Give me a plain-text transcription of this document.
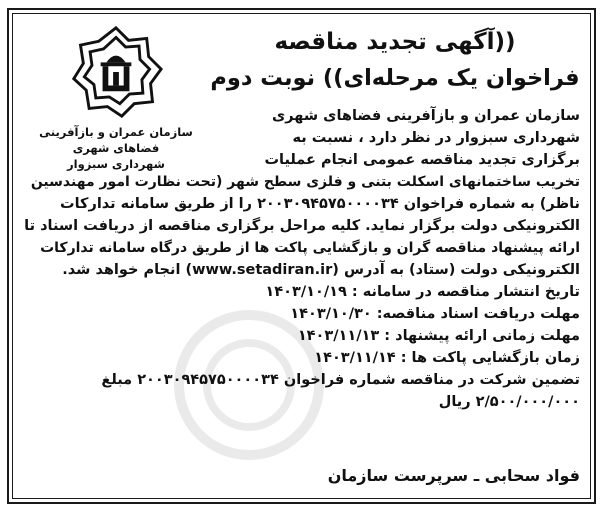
سازمان عمران و بازآفرینی فضاهای شهری
شهرداری سبزوار
((آگهی تجدید مناقصه
فراخوان یک مرحله‌ای)) نوبت دوم
سازمان عمران و بازآفرینی فضاهای شهری
شهرداری سبزوار در نظر دارد ، نسبت به
برگزاری تجدید مناقصه عمومی انجام عملیات
تخریب ساختمانهای اسکلت بتنی و فلزی سطح شهر (تحت نظارت امور مهندسین
ناظر) به شماره فراخوان ۲۰۰۳۰۹۴۵۷۵۰۰۰۰۳۴ را از طریق سامانه تدارکات
الکترونیکی دولت برگزار نماید. کلیه مراحل برگزاری مناقصه از دریافت اسناد تا
ارائه پیشنهاد مناقصه گران و بازگشایی پاکت ها از طریق درگاه سامانه تدارکات
الکترونیکی دولت (ستاد) به آدرس (www.setadiran.ir) انجام خواهد شد.
تاریخ انتشار مناقصه در سامانه : ۱۴۰۳/۱۰/۱۹
مهلت دریافت اسناد مناقصه: ۱۴۰۳/۱۰/۳۰
مهلت زمانی ارائه پیشنهاد : ۱۴۰۳/۱۱/۱۳
زمان بازگشایی پاکت ها : ۱۴۰۳/۱۱/۱۴
تضمین شرکت در مناقصه شماره فراخوان ۲۰۰۳۰۹۴۵۷۵۰۰۰۰۳۴ مبلغ
۲/۵۰۰/۰۰۰/۰۰۰ ریال
فواد سحابی ـ سرپرست سازمان
